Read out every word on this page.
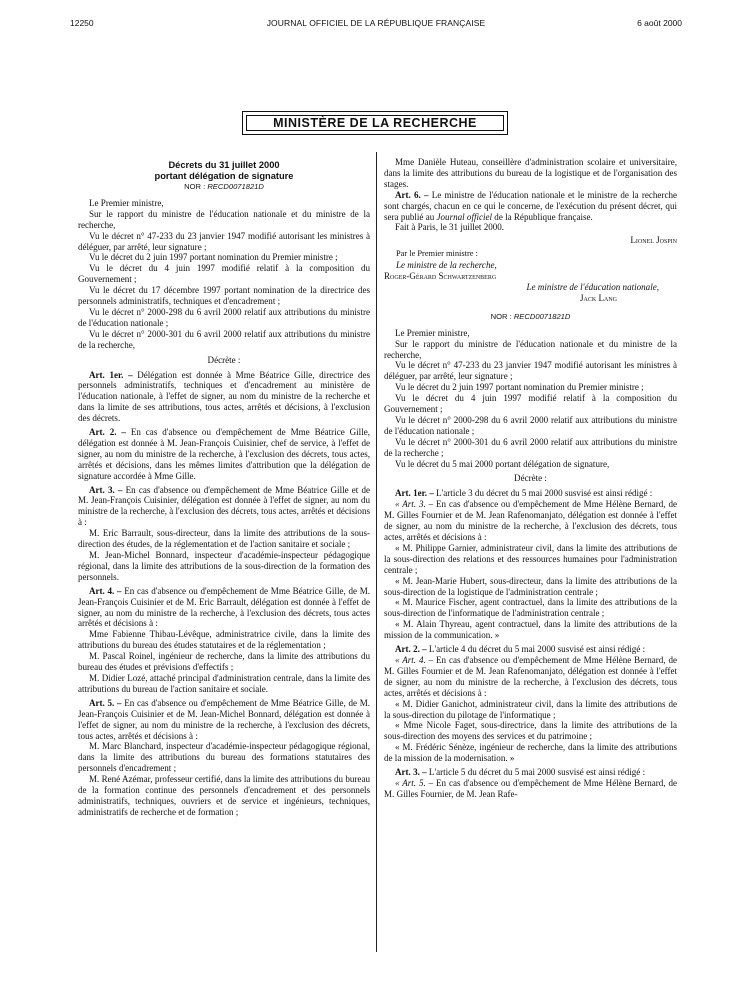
12250	JOURNAL OFFICIEL DE LA RÉPUBLIQUE FRANÇAISE	6 août 2000
MINISTÈRE DE LA RECHERCHE
Décrets du 31 juillet 2000
portant délégation de signature
NOR : RECD0071821D

Le Premier ministre,

Sur le rapport du ministre de l'éducation nationale et du ministre de la recherche,

Vu le décret n° 47-233 du 23 janvier 1947 modifié autorisant les ministres à déléguer, par arrêté, leur signature ;

Vu le décret du 2 juin 1997 portant nomination du Premier ministre ;

Vu le décret du 4 juin 1997 modifié relatif à la composition du Gouvernement ;

Vu le décret du 17 décembre 1997 portant nomination de la directrice des personnels administratifs, techniques et d'encadrement ;

Vu le décret n° 2000-298 du 6 avril 2000 relatif aux attributions du ministre de l'éducation nationale ;

Vu le décret n° 2000-301 du 6 avril 2000 relatif aux attributions du ministre de la recherche,

Décrète :

Art. 1er. – Délégation est donnée à Mme Béatrice Gille, directrice des personnels administratifs, techniques et d'encadrement au ministère de l'éducation nationale, à l'effet de signer, au nom du ministre de la recherche et dans la limite de ses attributions, tous actes, arrêtés et décisions, à l'exclusion des décrets.

Art. 2. – En cas d'absence ou d'empêchement de Mme Béatrice Gille, délégation est donnée à M. Jean-François Cuisinier, chef de service, à l'effet de signer, au nom du ministre de la recherche, à l'exclusion des décrets, tous actes, arrêtés et décisions, dans les mêmes limites d'attribution que la délégation de signature accordée à Mme Gille.

Art. 3. – En cas d'absence ou d'empêchement de Mme Béatrice Gille et de M. Jean-François Cuisinier, délégation est donnée à l'effet de signer, au nom du ministre de la recherche, à l'exclusion des décrets, tous actes, arrêtés et décisions à :

M. Eric Barrault, sous-directeur, dans la limite des attributions de la sous-direction des études, de la réglementation et de l'action sanitaire et sociale ;

M. Jean-Michel Bonnard, inspecteur d'académie-inspecteur pédagogique régional, dans la limite des attributions de la sous-direction de la formation des personnels.

Art. 4. – En cas d'absence ou d'empêchement de Mme Béatrice Gille, de M. Jean-François Cuisinier et de M. Eric Barrault, délégation est donnée à l'effet de signer, au nom du ministre de la recherche, à l'exclusion des décrets, tous actes arrêtés et décisions à :

Mme Fabienne Thibau-Lévêque, administratrice civile, dans la limite des attributions du bureau des études statutaires et de la réglementation ;

M. Pascal Roinel, ingénieur de recherche, dans la limite des attributions du bureau des études et prévisions d'effectifs ;

M. Didier Lozé, attaché principal d'administration centrale, dans la limite des attributions du bureau de l'action sanitaire et sociale.

Art. 5. – En cas d'absence ou d'empêchement de Mme Béatrice Gille, de M. Jean-François Cuisinier et de M. Jean-Michel Bonnard, délégation est donnée à l'effet de signer, au nom du ministre de la recherche, à l'exclusion des décrets, tous actes, arrêtés et décisions à :

M. Marc Blanchard, inspecteur d'académie-inspecteur pédagogique régional, dans la limite des attributions du bureau des formations statutaires des personnels d'encadrement ;

M. René Azémar, professeur certifié, dans la limite des attributions du bureau de la formation continue des personnels d'encadrement et des personnels administratifs, techniques, ouvriers et de service et ingénieurs, techniques, administratifs de recherche et de formation ;

Mme Danièle Huteau, conseillère d'administration scolaire et universitaire, dans la limite des attributions du bureau de la logistique et de l'organisation des stages.

Art. 6. – Le ministre de l'éducation nationale et le ministre de la recherche sont chargés, chacun en ce qui le concerne, de l'exécution du présent décret, qui sera publié au Journal officiel de la République française.

Fait à Paris, le 31 juillet 2000.

Lionel Jospin
Par le Premier ministre :
Le ministre de la recherche,
Roger-Gérard Schwartzenberg
Le ministre de l'éducation nationale,
Jack Lang
NOR : RECD0071821D

Le Premier ministre,

Sur le rapport du ministre de l'éducation nationale et du ministre de la recherche,

Vu le décret n° 47-233 du 23 janvier 1947 modifié autorisant les ministres à déléguer, par arrêté, leur signature ;

Vu le décret du 2 juin 1997 portant nomination du Premier ministre ;

Vu le décret du 4 juin 1997 modifié relatif à la composition du Gouvernement ;

Vu le décret n° 2000-298 du 6 avril 2000 relatif aux attributions du ministre de l'éducation nationale ;

Vu le décret n° 2000-301 du 6 avril 2000 relatif aux attributions du ministre de la recherche ;

Vu le décret du 5 mai 2000 portant délégation de signature,

Décrète :

Art. 1er. – L'article 3 du décret du 5 mai 2000 susvisé est ainsi rédigé :

« Art. 3. – En cas d'absence ou d'empêchement de Mme Hélène Bernard, de M. Gilles Fournier et de M. Jean Rafenomanjato, délégation est donnée à l'effet de signer, au nom du ministre de la recherche, à l'exclusion des décrets, tous actes, arrêtés et décisions à :

« M. Philippe Garnier, administrateur civil, dans la limite des attributions de la sous-direction des relations et des ressources humaines pour l'administration centrale ;

« M. Jean-Marie Hubert, sous-directeur, dans la limite des attributions de la sous-direction de la logistique de l'administration centrale ;

« M. Maurice Fischer, agent contractuel, dans la limite des attributions de la sous-direction de l'informatique de l'administration centrale ;

« M. Alain Thyreau, agent contractuel, dans la limite des attributions de la mission de la communication. »

Art. 2. – L'article 4 du décret du 5 mai 2000 susvisé est ainsi rédigé :

« Art. 4. – En cas d'absence ou d'empêchement de Mme Hélène Bernard, de M. Gilles Fournier et de M. Jean Rafenomanjato, délégation est donnée à l'effet de signer, au nom du ministre de la recherche, à l'exclusion des décrets, tous actes, arrêtés et décisions à :

« M. Didier Ganichot, administrateur civil, dans la limite des attributions de la sous-direction du pilotage de l'informatique ;

« Mme Nicole Faget, sous-directrice, dans la limite des attributions de la sous-direction des moyens des services et du patrimoine ;

« M. Frédéric Sénèze, ingénieur de recherche, dans la limite des attributions de la mission de la modernisation. »

Art. 3. – L'article 5 du décret du 5 mai 2000 susvisé est ainsi rédigé :

« Art. 5. – En cas d'absence ou d'empêchement de Mme Hélène Bernard, de M. Gilles Fournier, de M. Jean Rafe-
